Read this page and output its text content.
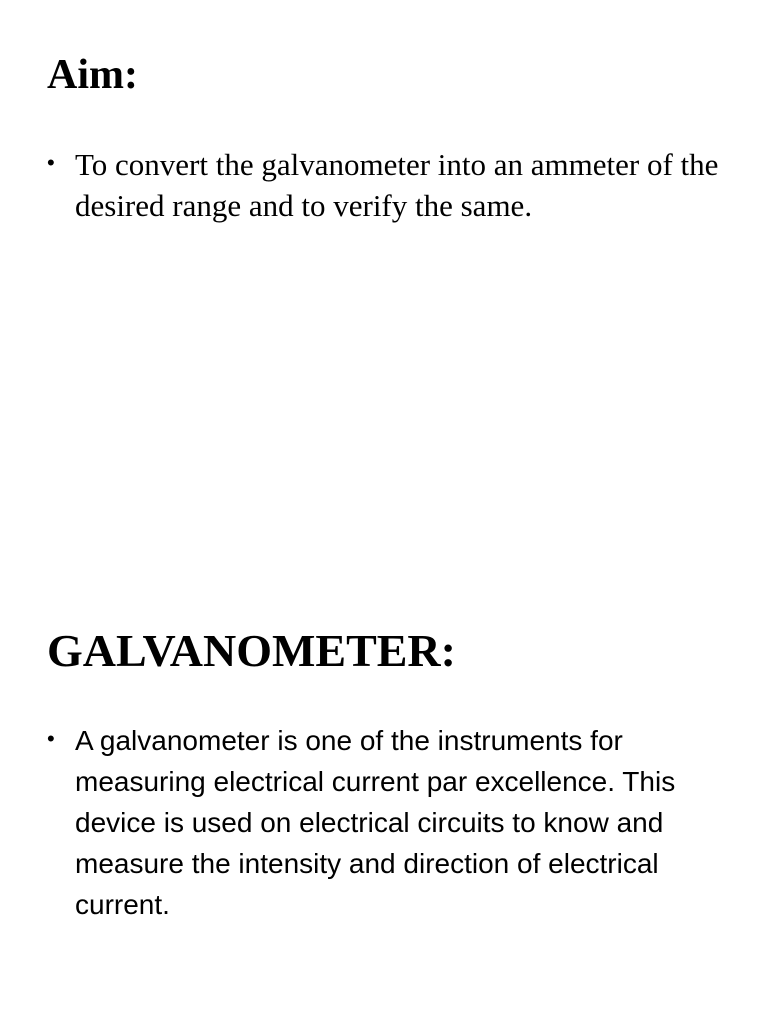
Aim:
• To convert the galvanometer into an ammeter of the desired range and to verify the same.
GALVANOMETER:
• A galvanometer is one of the instruments for measuring electrical current par excellence. This device is used on electrical circuits to know and measure the intensity and direction of electrical current.
